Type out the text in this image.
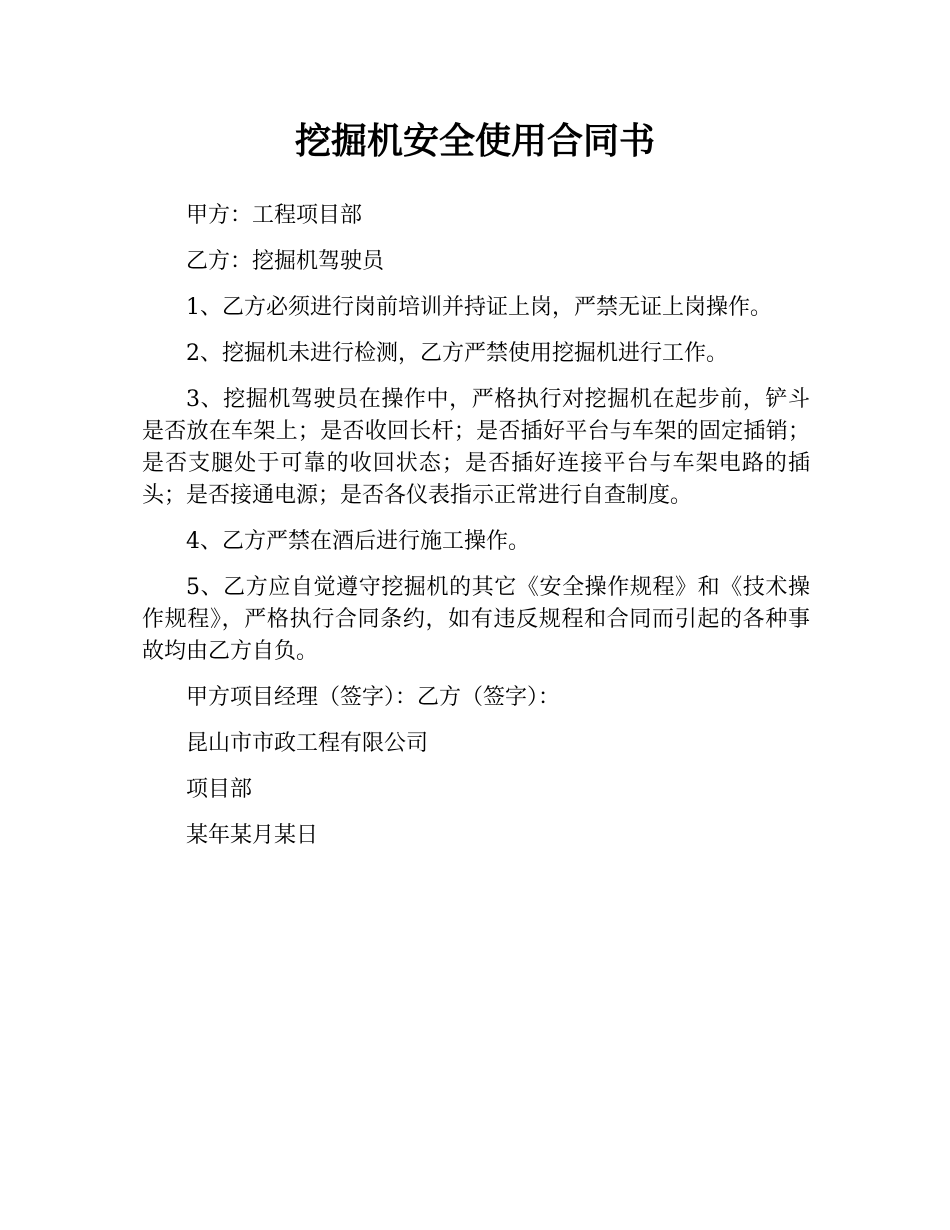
挖掘机安全使用合同书

甲方：工程项目部

乙方：挖掘机驾驶员

1、乙方必须进行岗前培训并持证上岗，严禁无证上岗操作。

2、挖掘机未进行检测，乙方严禁使用挖掘机进行工作。

3、挖掘机驾驶员在操作中，严格执行对挖掘机在起步前，铲斗是否放在车架上；是否收回长杆；是否插好平台与车架的固定插销；是否支腿处于可靠的收回状态；是否插好连接平台与车架电路的插头；是否接通电源；是否各仪表指示正常进行自查制度。

4、乙方严禁在酒后进行施工操作。

5、乙方应自觉遵守挖掘机的其它《安全操作规程》和《技术操作规程》，严格执行合同条约，如有违反规程和合同而引起的各种事故均由乙方自负。

甲方项目经理（签字）：乙方（签字）：

昆山市市政工程有限公司

项目部

某年某月某日
